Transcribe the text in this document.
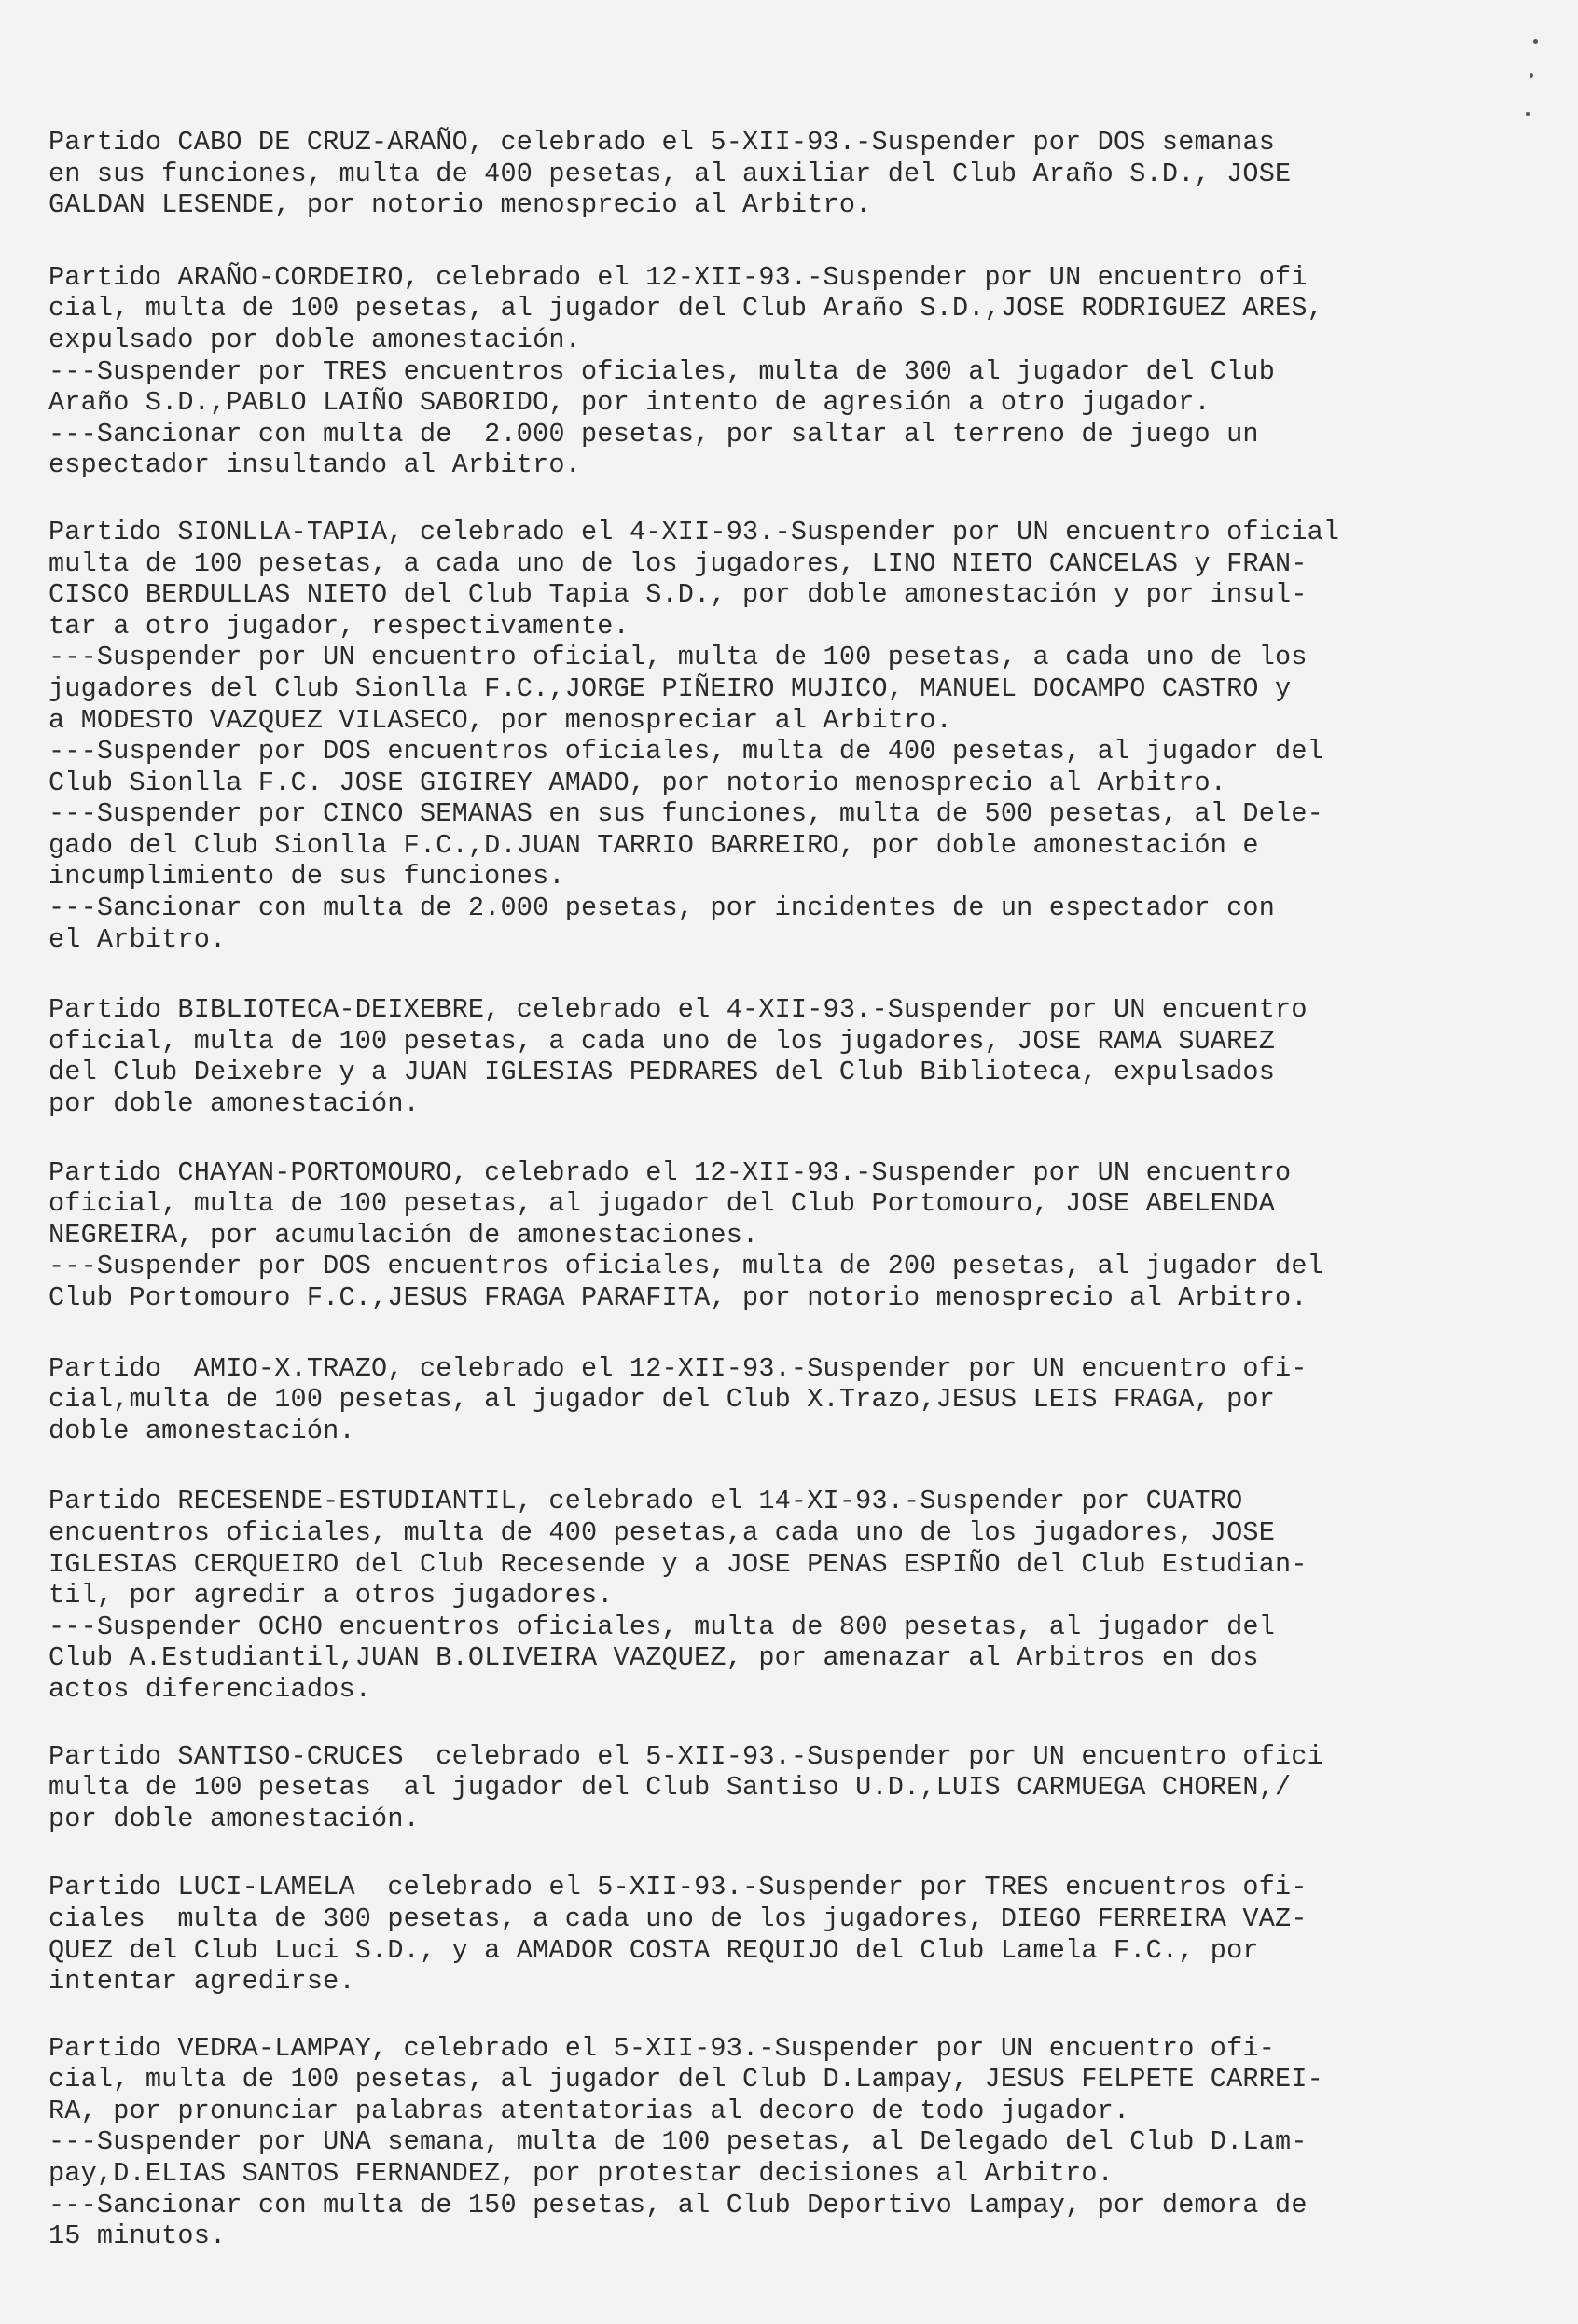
Partido CABO DE CRUZ-ARAÑO, celebrado el 5-XII-93.-Suspender por DOS semanas
en sus funciones, multa de 400 pesetas, al auxiliar del Club Araño S.D., JOSE
GALDAN LESENDE, por notorio menosprecio al Arbitro.
Partido ARAÑO-CORDEIRO, celebrado el 12-XII-93.-Suspender por UN encuentro ofi
cial, multa de 100 pesetas, al jugador del Club Araño S.D.,JOSE RODRIGUEZ ARES,
expulsado por doble amonestación.
---Suspender por TRES encuentros oficiales, multa de 300 al jugador del Club
Araño S.D.,PABLO LAIÑO SABORIDO, por intento de agresión a otro jugador.
---Sancionar con multa de  2.000 pesetas, por saltar al terreno de juego un
espectador insultando al Arbitro.
Partido SIONLLA-TAPIA, celebrado el 4-XII-93.-Suspender por UN encuentro oficial
multa de 100 pesetas, a cada uno de los jugadores, LINO NIETO CANCELAS y FRAN-
CISCO BERDULLAS NIETO del Club Tapia S.D., por doble amonestación y por insul-
tar a otro jugador, respectivamente.
---Suspender por UN encuentro oficial, multa de 100 pesetas, a cada uno de los
jugadores del Club Sionlla F.C.,JORGE PIÑEIRO MUJICO, MANUEL DOCAMPO CASTRO y
a MODESTO VAZQUEZ VILASECO, por menospreciar al Arbitro.
---Suspender por DOS encuentros oficiales, multa de 400 pesetas, al jugador del
Club Sionlla F.C. JOSE GIGIREY AMADO, por notorio menosprecio al Arbitro.
---Suspender por CINCO SEMANAS en sus funciones, multa de 500 pesetas, al Dele-
gado del Club Sionlla F.C.,D.JUAN TARRIO BARREIRO, por doble amonestación e
incumplimiento de sus funciones.
---Sancionar con multa de 2.000 pesetas, por incidentes de un espectador con
el Arbitro.
Partido BIBLIOTECA-DEIXEBRE, celebrado el 4-XII-93.-Suspender por UN encuentro
oficial, multa de 100 pesetas, a cada uno de los jugadores, JOSE RAMA SUAREZ
del Club Deixebre y a JUAN IGLESIAS PEDRARES del Club Biblioteca, expulsados
por doble amonestación.
Partido CHAYAN-PORTOMOURO, celebrado el 12-XII-93.-Suspender por UN encuentro
oficial, multa de 100 pesetas, al jugador del Club Portomouro, JOSE ABELENDA
NEGREIRA, por acumulación de amonestaciones.
---Suspender por DOS encuentros oficiales, multa de 200 pesetas, al jugador del
Club Portomouro F.C.,JESUS FRAGA PARAFITA, por notorio menosprecio al Arbitro.
Partido  AMIO-X.TRAZO, celebrado el 12-XII-93.-Suspender por UN encuentro ofi-
cial,multa de 100 pesetas, al jugador del Club X.Trazo,JESUS LEIS FRAGA, por
doble amonestación.
Partido RECESENDE-ESTUDIANTIL, celebrado el 14-XI-93.-Suspender por CUATRO
encuentros oficiales, multa de 400 pesetas,a cada uno de los jugadores, JOSE
IGLESIAS CERQUEIRO del Club Recesende y a JOSE PENAS ESPIÑO del Club Estudian-
til, por agredir a otros jugadores.
---Suspender OCHO encuentros oficiales, multa de 800 pesetas, al jugador del
Club A.Estudiantil,JUAN B.OLIVEIRA VAZQUEZ, por amenazar al Arbitros en dos
actos diferenciados.
Partido SANTISO-CRUCES  celebrado el 5-XII-93.-Suspender por UN encuentro ofici
multa de 100 pesetas  al jugador del Club Santiso U.D.,LUIS CARMUEGA CHOREN,/
por doble amonestación.
Partido LUCI-LAMELA  celebrado el 5-XII-93.-Suspender por TRES encuentros ofi-
ciales  multa de 300 pesetas, a cada uno de los jugadores, DIEGO FERREIRA VAZ-
QUEZ del Club Luci S.D., y a AMADOR COSTA REQUIJO del Club Lamela F.C., por
intentar agredirse.
Partido VEDRA-LAMPAY, celebrado el 5-XII-93.-Suspender por UN encuentro ofi-
cial, multa de 100 pesetas, al jugador del Club D.Lampay, JESUS FELPETE CARREI-
RA, por pronunciar palabras atentatorias al decoro de todo jugador.
---Suspender por UNA semana, multa de 100 pesetas, al Delegado del Club D.Lam-
pay,D.ELIAS SANTOS FERNANDEZ, por protestar decisiones al Arbitro.
---Sancionar con multa de 150 pesetas, al Club Deportivo Lampay, por demora de
15 minutos.
